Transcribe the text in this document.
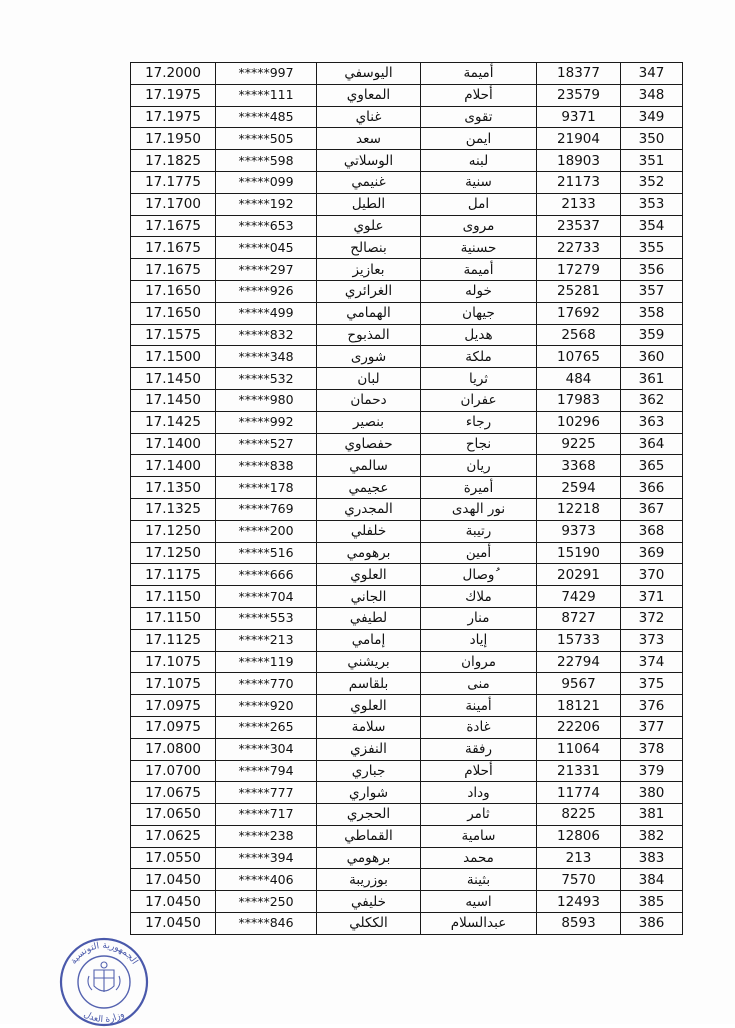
17.2000	*****997	اليوسفي	أميمة	18377	347
17.1975	*****111	المعاوي	أحلام	23579	348
17.1975	*****485	غناي	تقوى	9371	349
17.1950	*****505	سعد	ايمن	21904	350
17.1825	*****598	الوسلاتي	لبنه	18903	351
17.1775	*****099	غنيمي	سنية	21173	352
17.1700	*****192	الطيل	امل	2133	353
17.1675	*****653	علوي	مروى	23537	354
17.1675	*****045	بنصالح	حسنية	22733	355
17.1675	*****297	بعازيز	أميمة	17279	356
17.1650	*****926	الغرائري	خوله	25281	357
17.1650	*****499	الهمامي	جيهان	17692	358
17.1575	*****832	المذبوح	هديل	2568	359
17.1500	*****348	شورى	ملكة	10765	360
17.1450	*****532	لبان	ثريا	484	361
17.1450	*****980	دحمان	عفران	17983	362
17.1425	*****992	بنصير	رجاء	10296	363
17.1400	*****527	حفصاوي	نجاح	9225	364
17.1400	*****838	سالمي	ريان	3368	365
17.1350	*****178	عجيمي	أميرة	2594	366
17.1325	*****769	المجدري	نور الهدى	12218	367
17.1250	*****200	خلفلي	رتيبة	9373	368
17.1250	*****516	برهومي	أمين	15190	369
17.1175	*****666	العلوي	ُوصال	20291	370
17.1150	*****704	الجاني	ملاك	7429	371
17.1150	*****553	لطيفي	منار	8727	372
17.1125	*****213	إمامي	إياد	15733	373
17.1075	*****119	بريشني	مروان	22794	374
17.1075	*****770	بلقاسم	منى	9567	375
17.0975	*****920	العلوي	أمينة	18121	376
17.0975	*****265	سلامة	غادة	22206	377
17.0800	*****304	النفزي	رفقة	11064	378
17.0700	*****794	جباري	أحلام	21331	379
17.0675	*****777	شواري	وداد	11774	380
17.0650	*****717	الحجري	ثامر	8225	381
17.0625	*****238	القماطي	سامية	12806	382
17.0550	*****394	برهومي	محمد	213	383
17.0450	*****406	بوزريبة	بثينة	7570	384
17.0450	*****250	خليفي	اسيه	12493	385
17.0450	*****846	الككلي	عبدالسلام	8593	386
الجمهورية التونسية
وزارة العدل
